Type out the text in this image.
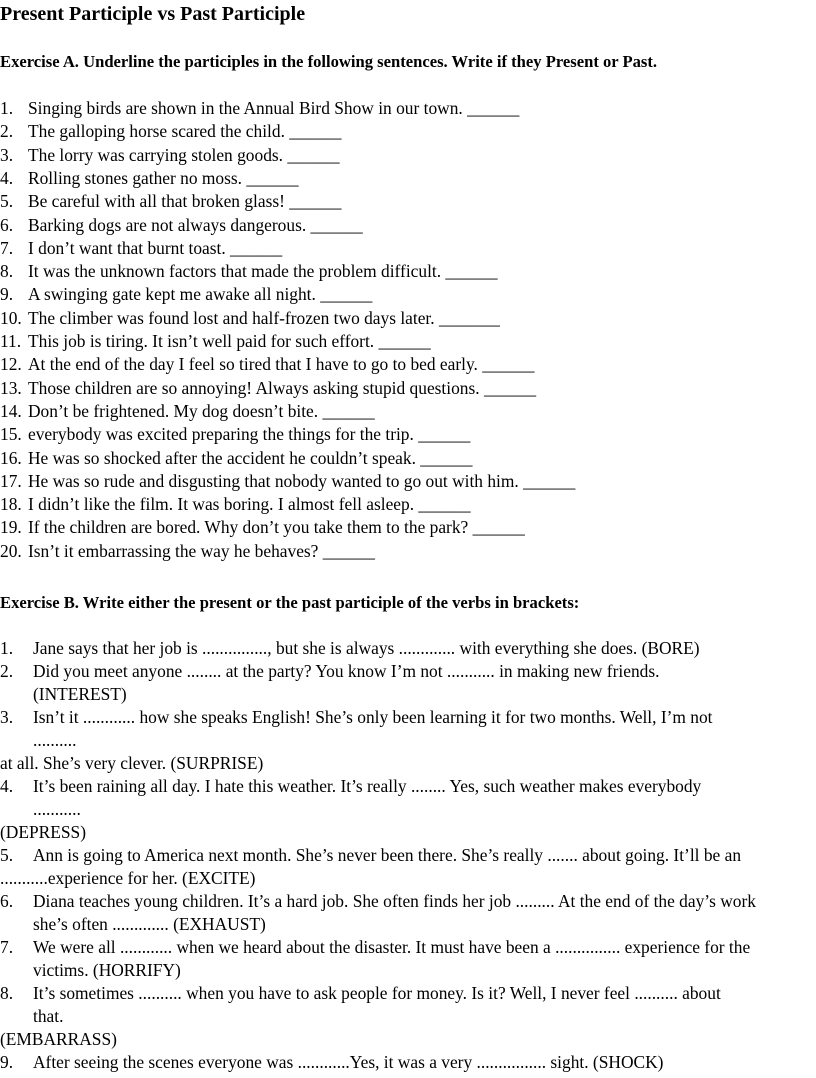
Present Participle vs Past Participle
Exercise A. Underline the participles in the following sentences. Write if they Present or Past.
1. Singing birds are shown in the Annual Bird Show in our town. ______
2. The galloping horse scared the child. ______
3. The lorry was carrying stolen goods. ______
4. Rolling stones gather no moss. ______
5. Be careful with all that broken glass! ______
6. Barking dogs are not always dangerous. ______
7. I don’t want that burnt toast. ______
8. It was the unknown factors that made the problem difficult. ______
9. A swinging gate kept me awake all night. ______
10. The climber was found lost and half-frozen two days later. _______
11. This job is tiring. It isn’t well paid for such effort. ______
12. At the end of the day I feel so tired that I have to go to bed early. ______
13. Those children are so annoying! Always asking stupid questions. ______
14. Don’t be frightened. My dog doesn’t bite. ______
15. everybody was excited preparing the things for the trip. ______
16. He was so shocked after the accident he couldn’t speak. ______
17. He was so rude and disgusting that nobody wanted to go out with him. ______
18. I didn’t like the film. It was boring. I almost fell asleep. ______
19. If the children are bored. Why don’t you take them to the park? ______
20. Isn’t it embarrassing the way he behaves? ______
Exercise B. Write either the present or the past participle of the verbs in brackets:
1. Jane says that her job is ..............., but she is always ............. with everything she does. (BORE)
2. Did you meet anyone ........ at the party? You know I’m not ........... in making new friends.
(INTEREST)
3. Isn’t it ............ how she speaks English! She’s only been learning it for two months. Well, I’m not
..........
at all. She’s very clever. (SURPRISE)
4. It’s been raining all day. I hate this weather. It’s really ........ Yes, such weather makes everybody
...........
(DEPRESS)
5. Ann is going to America next month. She’s never been there. She’s really ....... about going. It’ll be an
...........experience for her. (EXCITE)
6. Diana teaches young children. It’s a hard job. She often finds her job ......... At the end of the day’s work
she’s often ............. (EXHAUST)
7. We were all ............ when we heard about the disaster. It must have been a ............... experience for the
victims. (HORRIFY)
8. It’s sometimes .......... when you have to ask people for money. Is it? Well, I never feel .......... about
that.
(EMBARRASS)
9. After seeing the scenes everyone was ............Yes, it was a very ................ sight. (SHOCK)
